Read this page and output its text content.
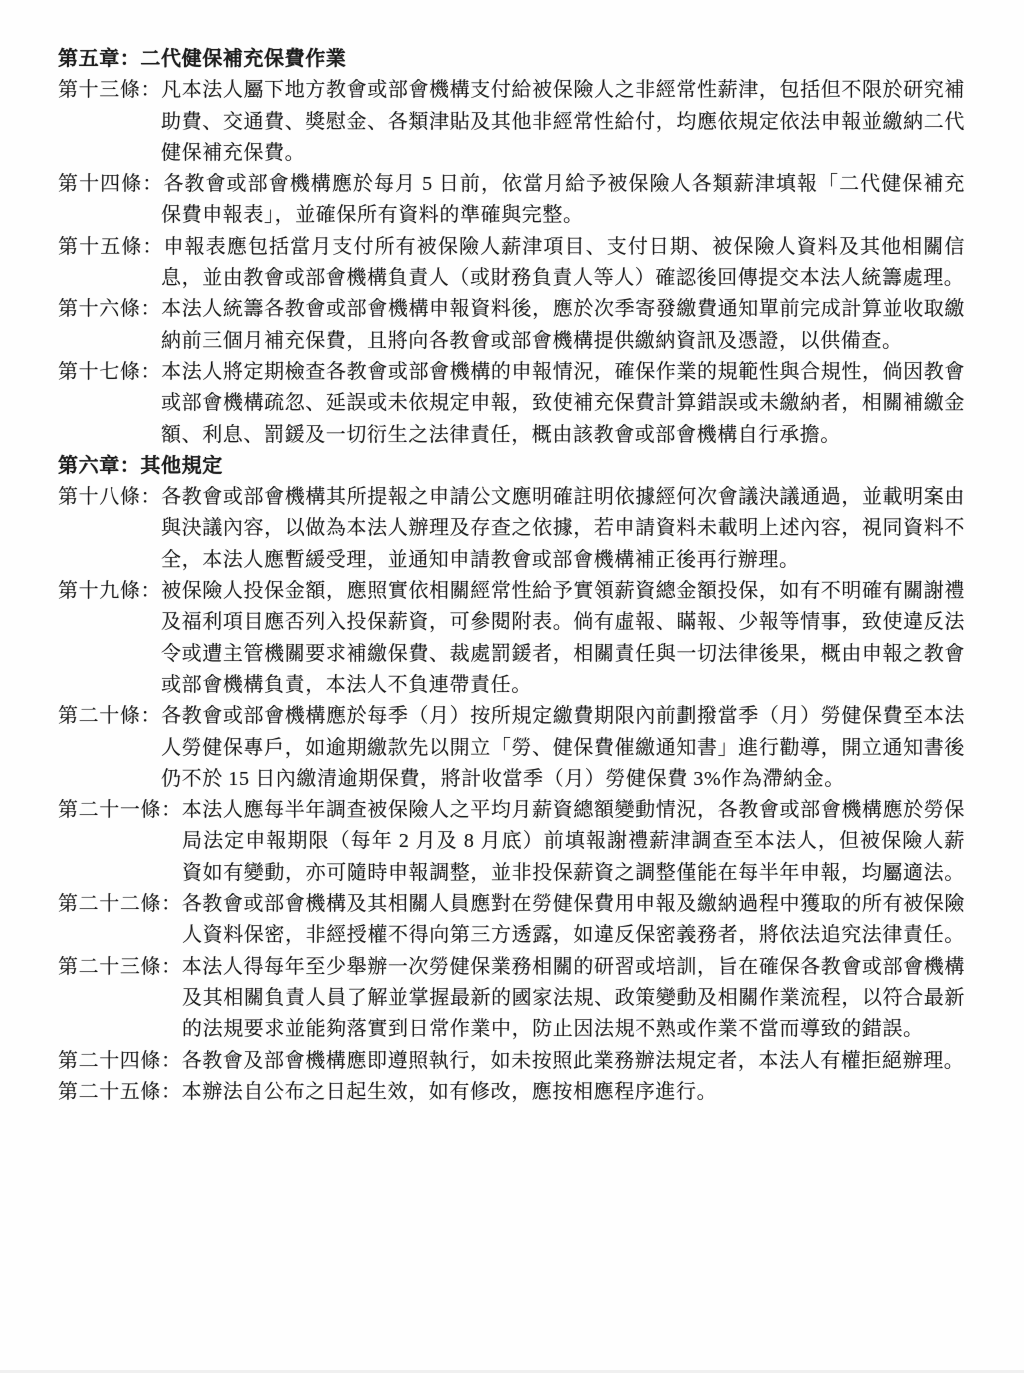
第五章：二代健保補充保費作業

第十三條：凡本法人屬下地方教會或部會機構支付給被保險人之非經常性薪津，包括但不限於研究補助費、交通費、獎慰金、各類津貼及其他非經常性給付，均應依規定依法申報並繳納二代健保補充保費。

第十四條：各教會或部會機構應於每月 5 日前，依當月給予被保險人各類薪津填報「二代健保補充保費申報表」，並確保所有資料的準確與完整。

第十五條：申報表應包括當月支付所有被保險人薪津項目、支付日期、被保險人資料及其他相關信息，並由教會或部會機構負責人（或財務負責人等人）確認後回傳提交本法人統籌處理。

第十六條：本法人統籌各教會或部會機構申報資料後，應於次季寄發繳費通知單前完成計算並收取繳納前三個月補充保費，且將向各教會或部會機構提供繳納資訊及憑證，以供備查。

第十七條：本法人將定期檢查各教會或部會機構的申報情況，確保作業的規範性與合規性，倘因教會或部會機構疏忽、延誤或未依規定申報，致使補充保費計算錯誤或未繳納者，相關補繳金額、利息、罰鍰及一切衍生之法律責任，概由該教會或部會機構自行承擔。

第六章：其他規定

第十八條：各教會或部會機構其所提報之申請公文應明確註明依據經何次會議決議通過，並載明案由與決議內容，以做為本法人辦理及存查之依據，若申請資料未載明上述內容，視同資料不全，本法人應暫緩受理，並通知申請教會或部會機構補正後再行辦理。

第十九條：被保險人投保金額，應照實依相關經常性給予實領薪資總金額投保，如有不明確有關謝禮及福利項目應否列入投保薪資，可參閱附表。倘有虛報、瞞報、少報等情事，致使違反法令或遭主管機關要求補繳保費、裁處罰鍰者，相關責任與一切法律後果，概由申報之教會或部會機構負責，本法人不負連帶責任。

第二十條：各教會或部會機構應於每季（月）按所規定繳費期限內前劃撥當季（月）勞健保費至本法人勞健保專戶，如逾期繳款先以開立「勞、健保費催繳通知書」進行勸導，開立通知書後仍不於 15 日內繳清逾期保費，將計收當季（月）勞健保費 3%作為滯納金。

第二十一條：本法人應每半年調查被保險人之平均月薪資總額變動情況，各教會或部會機構應於勞保局法定申報期限（每年 2 月及 8 月底）前填報謝禮薪津調查至本法人，但被保險人薪資如有變動，亦可隨時申報調整，並非投保薪資之調整僅能在每半年申報，均屬適法。

第二十二條：各教會或部會機構及其相關人員應對在勞健保費用申報及繳納過程中獲取的所有被保險人資料保密，非經授權不得向第三方透露，如違反保密義務者，將依法追究法律責任。

第二十三條：本法人得每年至少舉辦一次勞健保業務相關的研習或培訓，旨在確保各教會或部會機構及其相關負責人員了解並掌握最新的國家法規、政策變動及相關作業流程，以符合最新的法規要求並能夠落實到日常作業中，防止因法規不熟或作業不當而導致的錯誤。

第二十四條：各教會及部會機構應即遵照執行，如未按照此業務辦法規定者，本法人有權拒絕辦理。

第二十五條：本辦法自公布之日起生效，如有修改，應按相應程序進行。
